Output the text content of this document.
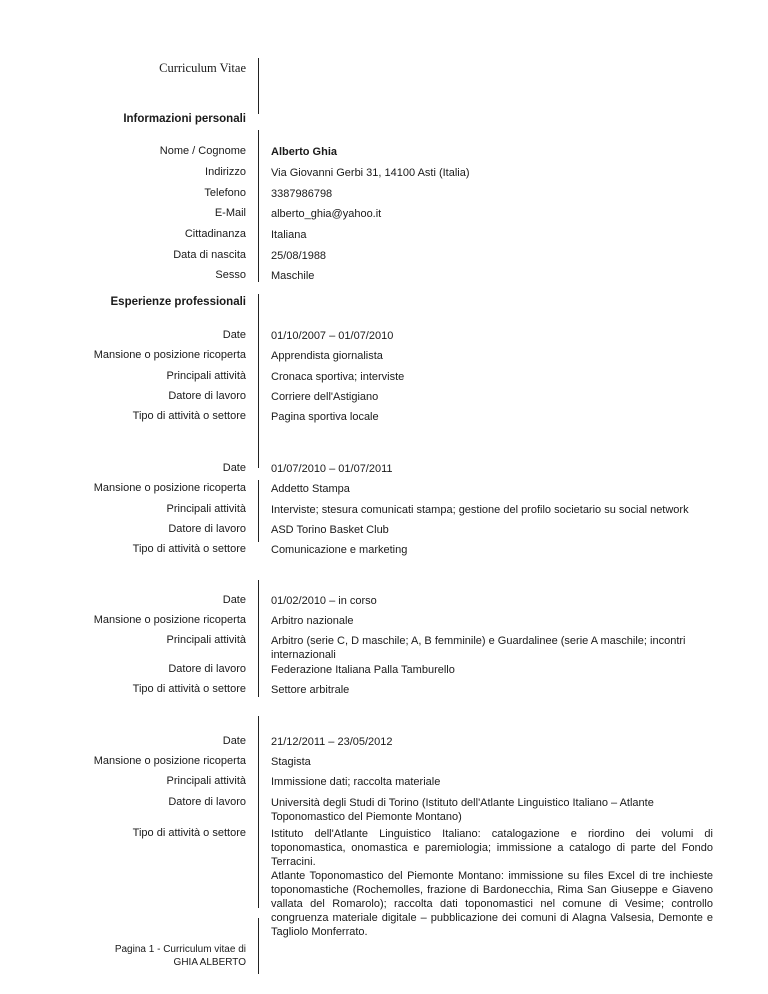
Curriculum Vitae
Informazioni personali
Nome / Cognome Alberto Ghia
Indirizzo Via Giovanni Gerbi 31, 14100 Asti (Italia)
Telefono 3387986798
E-Mail alberto_ghia@yahoo.it
Cittadinanza Italiana
Data di nascita 25/08/1988
Sesso Maschile
Esperienze professionali
Date 01/10/2007 – 01/07/2010
Mansione o posizione ricoperta Apprendista giornalista
Principali attività Cronaca sportiva; interviste
Datore di lavoro Corriere dell'Astigiano
Tipo di attività o settore Pagina sportiva locale
Date 01/07/2010 – 01/07/2011
Mansione o posizione ricoperta Addetto Stampa
Principali attività Interviste; stesura comunicati stampa; gestione del profilo societario su social network
Datore di lavoro ASD Torino Basket Club
Tipo di attività o settore Comunicazione e marketing
Date 01/02/2010 – in corso
Mansione o posizione ricoperta Arbitro nazionale
Principali attività Arbitro (serie C, D maschile; A, B femminile) e Guardalinee (serie A maschile; incontri internazionali
Datore di lavoro Federazione Italiana Palla Tamburello
Tipo di attività o settore Settore arbitrale
Date 21/12/2011 – 23/05/2012
Mansione o posizione ricoperta Stagista
Principali attività Immissione dati; raccolta materiale
Datore di lavoro Università degli Studi di Torino (Istituto dell'Atlante Linguistico Italiano – Atlante Toponomastico del Piemonte Montano)
Tipo di attività o settore Istituto dell'Atlante Linguistico Italiano: catalogazione e riordino dei volumi di toponomastica, onomastica e paremiologia; immissione a catalogo di parte del Fondo Terracini.
Atlante Toponomastico del Piemonte Montano: immissione su files Excel di tre inchieste toponomastiche (Rochemolles, frazione di Bardonecchia, Rima San Giuseppe e Giaveno vallata del Romarolo); raccolta dati toponomastici nel comune di Vesime; controllo congruenza materiale digitale – pubblicazione dei comuni di Alagna Valsesia, Demonte e Tagliolo Monferrato.
Pagina 1 - Curriculum vitae di
GHIA ALBERTO
